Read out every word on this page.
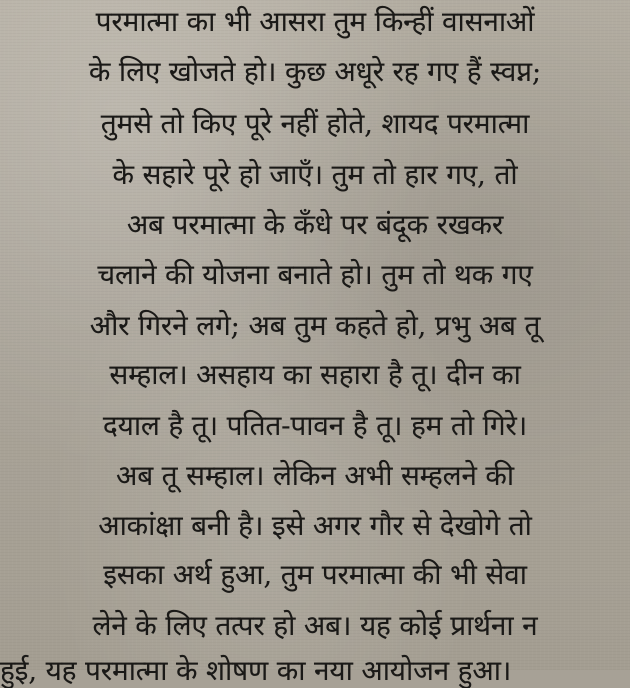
परमात्मा का भी आसरा तुम किन्हीं वासनाओं
के लिए खोजते हो। कुछ अधूरे रह गए हैं स्वप्न;
तुमसे तो किए पूरे नहीं होते, शायद परमात्मा
के सहारे पूरे हो जाएँ। तुम तो हार गए, तो
अब परमात्मा के कँधे पर बंदूक रखकर
चलाने की योजना बनाते हो। तुम तो थक गए
और गिरने लगे; अब तुम कहते हो, प्रभु अब तू
सम्हाल। असहाय का सहारा है तू। दीन का
दयाल है तू। पतित-पावन है तू। हम तो गिरे।
अब तू सम्हाल। लेकिन अभी सम्हलने की
आकांक्षा बनी है। इसे अगर गौर से देखोगे तो
इसका अर्थ हुआ, तुम परमात्मा की भी सेवा
लेने के लिए तत्पर हो अब। यह कोई प्रार्थना न
हुई, यह परमात्मा के शोषण का नया आयोजन हुआ।
